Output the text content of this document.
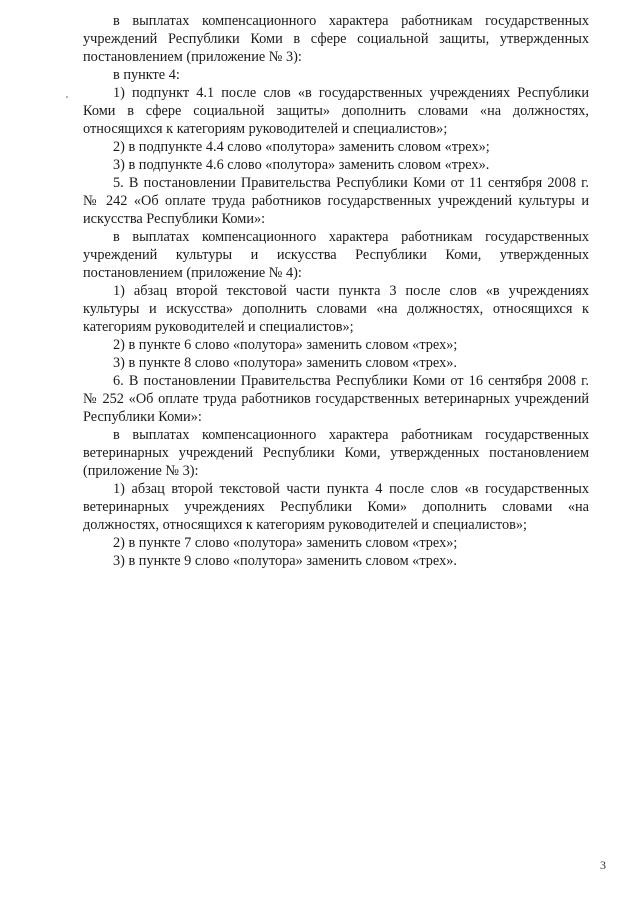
в выплатах компенсационного характера работникам государственных учреждений Республики Коми в сфере социальной защиты, утвержденных постановлением (приложение № 3):

в пункте 4:

1) подпункт 4.1 после слов «в государственных учреждениях Республики Коми в сфере социальной защиты» дополнить словами «на должностях, относящихся к категориям руководителей и специалистов»;

2) в подпункте 4.4 слово «полутора» заменить словом «трех»;

3) в подпункте 4.6 слово «полутора» заменить словом «трех».

5. В постановлении Правительства Республики Коми от 11 сентября 2008 г. № 242 «Об оплате труда работников государственных учреждений культуры и искусства Республики Коми»:

в выплатах компенсационного характера работникам государственных учреждений культуры и искусства Республики Коми, утвержденных постановлением (приложение № 4):

1) абзац второй текстовой части пункта 3 после слов «в учреждениях культуры и искусства» дополнить словами «на должностях, относящихся к категориям руководителей и специалистов»;

2) в пункте 6 слово «полутора» заменить словом «трех»;

3) в пункте 8 слово «полутора» заменить словом «трех».

6. В постановлении Правительства Республики Коми от 16 сентября 2008 г. № 252 «Об оплате труда работников государственных ветеринарных учреждений Республики Коми»:

в выплатах компенсационного характера работникам государственных ветеринарных учреждений Республики Коми, утвержденных постановлением (приложение № 3):

1) абзац второй текстовой части пункта 4 после слов «в государственных ветеринарных учреждениях Республики Коми» дополнить словами «на должностях, относящихся к категориям руководителей и специалистов»;

2) в пункте 7 слово «полутора» заменить словом «трех»;

3) в пункте 9 слово «полутора» заменить словом «трех».

3
